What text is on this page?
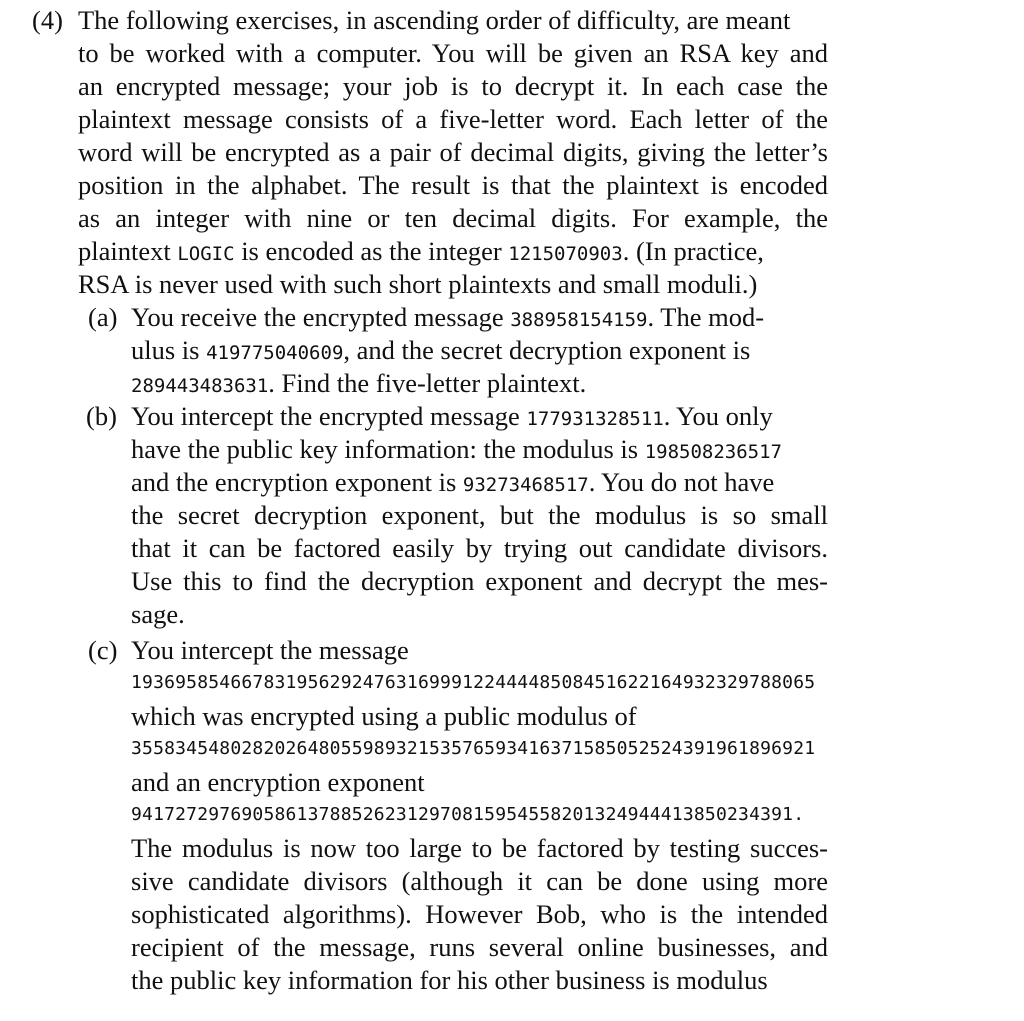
(4) The following exercises, in ascending order of difficulty, are meant
to be worked with a computer. You will be given an RSA key and
an encrypted message; your job is to decrypt it. In each case the
plaintext message consists of a five-letter word. Each letter of the
word will be encrypted as a pair of decimal digits, giving the letter’s
position in the alphabet. The result is that the plaintext is encoded
as an integer with nine or ten decimal digits. For example, the
plaintext LOGIC is encoded as the integer 1215070903. (In practice,
RSA is never used with such short plaintexts and small moduli.)
(a) You receive the encrypted message 388958154159. The mod-
ulus is 419775040609, and the secret decryption exponent is
289443483631. Find the five-letter plaintext.
(b) You intercept the encrypted message 177931328511. You only
have the public key information: the modulus is 198508236517
and the encryption exponent is 93273468517. You do not have
the secret decryption exponent, but the modulus is so small
that it can be factored easily by trying out candidate divisors.
Use this to find the decryption exponent and decrypt the mes-
sage.
(c) You intercept the message
1936958546678319562924763169991224444850845162216493232978806​5
which was encrypted using a public modulus of
3558345480282026480559893215357659341637158505252439196189692​1
and an encryption exponent
9417272976905861378852623129708159545582013249444138502343​91.
The modulus is now too large to be factored by testing succes-
sive candidate divisors (although it can be done using more
sophisticated algorithms). However Bob, who is the intended
recipient of the message, runs several online businesses, and
the public key information for his other business is modulus
